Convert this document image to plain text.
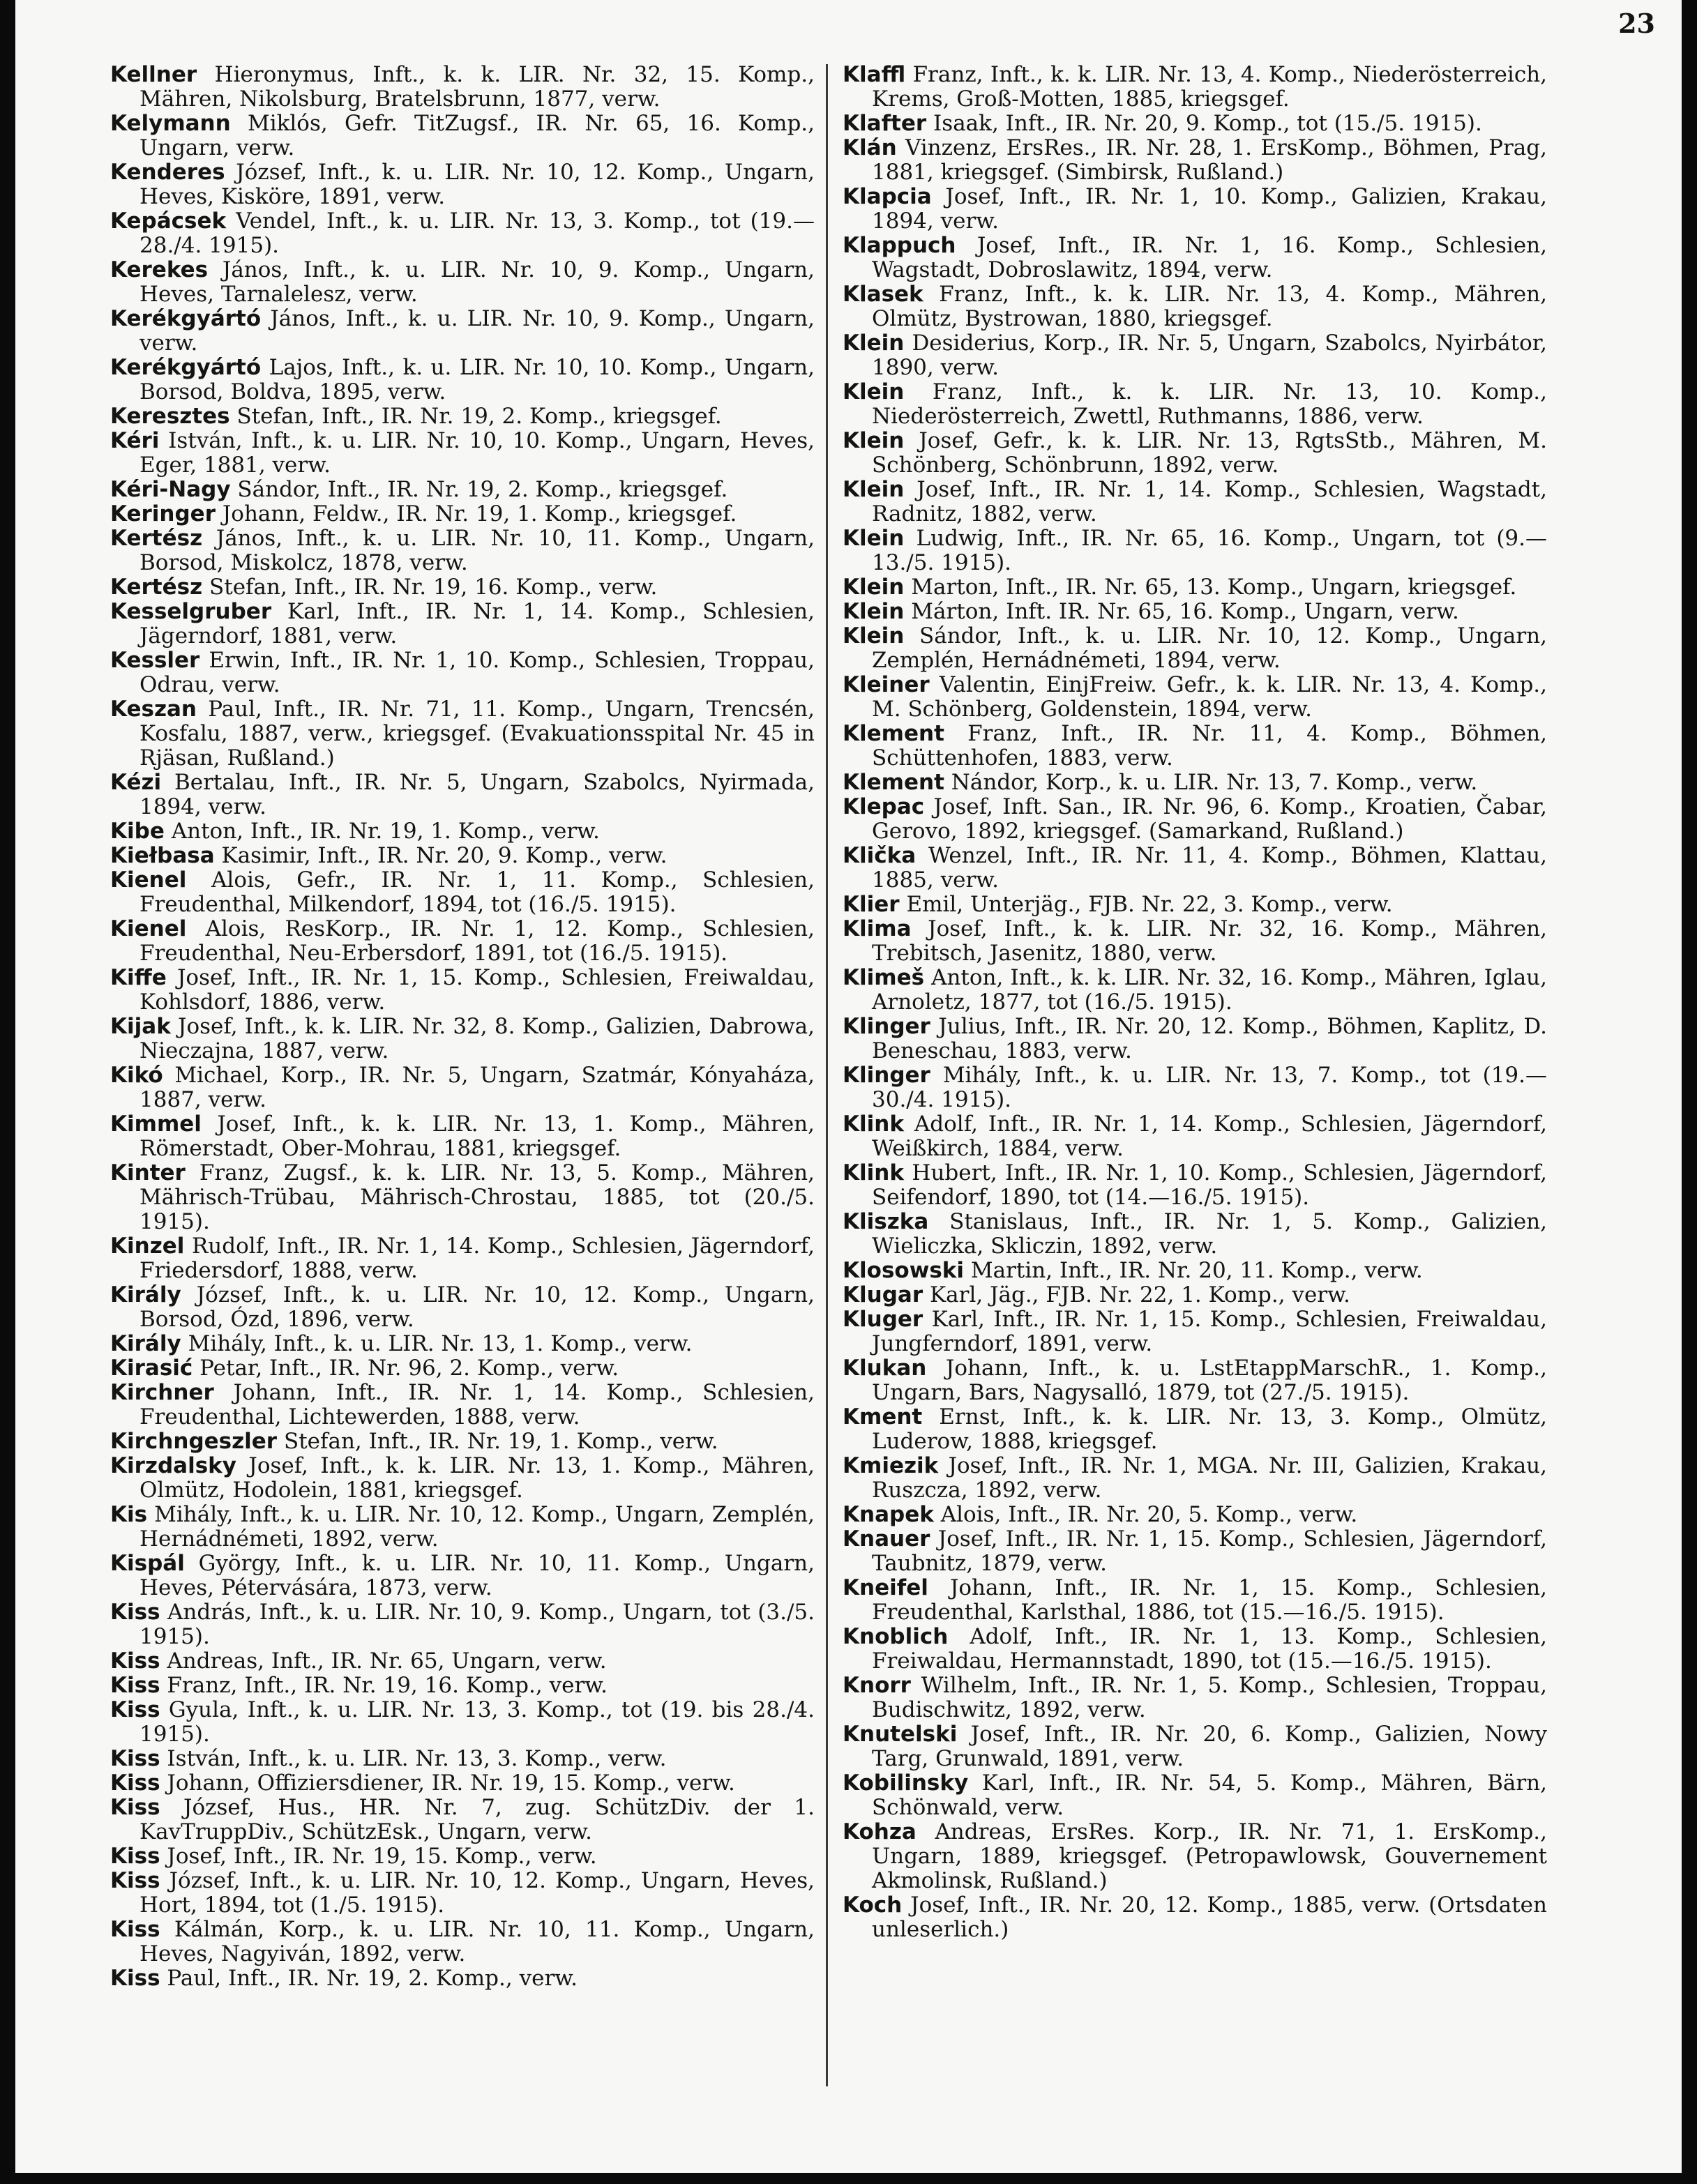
23

Kellner Hieronymus, Inft., k. k. LIR. Nr. 32, 15. Komp., Mähren, Nikolsburg, Bratelsbrunn, 1877, verw.

Kelymann Miklós, Gefr. TitZugsf., IR. Nr. 65, 16. Komp., Ungarn, verw.

Kenderes József, Inft., k. u. LIR. Nr. 10, 12. Komp., Ungarn, Heves, Kisköre, 1891, verw.

Kepácsek Vendel, Inft., k. u. LIR. Nr. 13, 3. Komp., tot (19.—28./4. 1915).

Kerekes János, Inft., k. u. LIR. Nr. 10, 9. Komp., Ungarn, Heves, Tarnalelesz, verw.

Kerékgyártó János, Inft., k. u. LIR. Nr. 10, 9. Komp., Ungarn, verw.

Kerékgyártó Lajos, Inft., k. u. LIR. Nr. 10, 10. Komp., Ungarn, Borsod, Boldva, 1895, verw.

Keresztes Stefan, Inft., IR. Nr. 19, 2. Komp., kriegsgef.

Kéri István, Inft., k. u. LIR. Nr. 10, 10. Komp., Ungarn, Heves, Eger, 1881, verw.

Kéri-Nagy Sándor, Inft., IR. Nr. 19, 2. Komp., kriegsgef.

Keringer Johann, Feldw., IR. Nr. 19, 1. Komp., kriegsgef.

Kertész János, Inft., k. u. LIR. Nr. 10, 11. Komp., Ungarn, Borsod, Miskolcz, 1878, verw.

Kertész Stefan, Inft., IR. Nr. 19, 16. Komp., verw.

Kesselgruber Karl, Inft., IR. Nr. 1, 14. Komp., Schlesien, Jägerndorf, 1881, verw.

Kessler Erwin, Inft., IR. Nr. 1, 10. Komp., Schlesien, Troppau, Odrau, verw.

Keszan Paul, Inft., IR. Nr. 71, 11. Komp., Ungarn, Trencsén, Kosfalu, 1887, verw., kriegsgef. (Evakuationsspital Nr. 45 in Rjäsan, Rußland.)

Kézi Bertalau, Inft., IR. Nr. 5, Ungarn, Szabolcs, Nyirmada, 1894, verw.

Kibe Anton, Inft., IR. Nr. 19, 1. Komp., verw.

Kiełbasa Kasimir, Inft., IR. Nr. 20, 9. Komp., verw.

Kienel Alois, Gefr., IR. Nr. 1, 11. Komp., Schlesien, Freudenthal, Milkendorf, 1894, tot (16./5. 1915).

Kienel Alois, ResKorp., IR. Nr. 1, 12. Komp., Schlesien, Freudenthal, Neu-Erbersdorf, 1891, tot (16./5. 1915).

Kiffe Josef, Inft., IR. Nr. 1, 15. Komp., Schlesien, Freiwaldau, Kohlsdorf, 1886, verw.

Kijak Josef, Inft., k. k. LIR. Nr. 32, 8. Komp., Galizien, Dabrowa, Nieczajna, 1887, verw.

Kikó Michael, Korp., IR. Nr. 5, Ungarn, Szatmár, Kónyaháza, 1887, verw.

Kimmel Josef, Inft., k. k. LIR. Nr. 13, 1. Komp., Mähren, Römerstadt, Ober-Mohrau, 1881, kriegsgef.

Kinter Franz, Zugsf., k. k. LIR. Nr. 13, 5. Komp., Mähren, Mährisch-Trübau, Mährisch-Chrostau, 1885, tot (20./5. 1915).

Kinzel Rudolf, Inft., IR. Nr. 1, 14. Komp., Schlesien, Jägerndorf, Friedersdorf, 1888, verw.

Király József, Inft., k. u. LIR. Nr. 10, 12. Komp., Ungarn, Borsod, Ózd, 1896, verw.

Király Mihály, Inft., k. u. LIR. Nr. 13, 1. Komp., verw.

Kirasić Petar, Inft., IR. Nr. 96, 2. Komp., verw.

Kirchner Johann, Inft., IR. Nr. 1, 14. Komp., Schlesien, Freudenthal, Lichtewerden, 1888, verw.

Kirchngeszler Stefan, Inft., IR. Nr. 19, 1. Komp., verw.

Kirzdalsky Josef, Inft., k. k. LIR. Nr. 13, 1. Komp., Mähren, Olmütz, Hodolein, 1881, kriegsgef.

Kis Mihály, Inft., k. u. LIR. Nr. 10, 12. Komp., Ungarn, Zemplén, Hernádnémeti, 1892, verw.

Kispál György, Inft., k. u. LIR. Nr. 10, 11. Komp., Ungarn, Heves, Pétervására, 1873, verw.

Kiss András, Inft., k. u. LIR. Nr. 10, 9. Komp., Ungarn, tot (3./5. 1915).

Kiss Andreas, Inft., IR. Nr. 65, Ungarn, verw.

Kiss Franz, Inft., IR. Nr. 19, 16. Komp., verw.

Kiss Gyula, Inft., k. u. LIR. Nr. 13, 3. Komp., tot (19. bis 28./4. 1915).

Kiss István, Inft., k. u. LIR. Nr. 13, 3. Komp., verw.

Kiss Johann, Offiziersdiener, IR. Nr. 19, 15. Komp., verw.

Kiss József, Hus., HR. Nr. 7, zug. SchützDiv. der 1. KavTruppDiv., SchützEsk., Ungarn, verw.

Kiss Josef, Inft., IR. Nr. 19, 15. Komp., verw.

Kiss József, Inft., k. u. LIR. Nr. 10, 12. Komp., Ungarn, Heves, Hort, 1894, tot (1./5. 1915).

Kiss Kálmán, Korp., k. u. LIR. Nr. 10, 11. Komp., Ungarn, Heves, Nagyiván, 1892, verw.

Kiss Paul, Inft., IR. Nr. 19, 2. Komp., verw.

Klaffl Franz, Inft., k. k. LIR. Nr. 13, 4. Komp., Niederösterreich, Krems, Groß-Motten, 1885, kriegsgef.

Klafter Isaak, Inft., IR. Nr. 20, 9. Komp., tot (15./5. 1915).

Klán Vinzenz, ErsRes., IR. Nr. 28, 1. ErsKomp., Böhmen, Prag, 1881, kriegsgef. (Simbirsk, Rußland.)

Klapcia Josef, Inft., IR. Nr. 1, 10. Komp., Galizien, Krakau, 1894, verw.

Klappuch Josef, Inft., IR. Nr. 1, 16. Komp., Schlesien, Wagstadt, Dobroslawitz, 1894, verw.

Klasek Franz, Inft., k. k. LIR. Nr. 13, 4. Komp., Mähren, Olmütz, Bystrowan, 1880, kriegsgef.

Klein Desiderius, Korp., IR. Nr. 5, Ungarn, Szabolcs, Nyirbátor, 1890, verw.

Klein Franz, Inft., k. k. LIR. Nr. 13, 10. Komp., Niederösterreich, Zwettl, Ruthmanns, 1886, verw.

Klein Josef, Gefr., k. k. LIR. Nr. 13, RgtsStb., Mähren, M. Schönberg, Schönbrunn, 1892, verw.

Klein Josef, Inft., IR. Nr. 1, 14. Komp., Schlesien, Wagstadt, Radnitz, 1882, verw.

Klein Ludwig, Inft., IR. Nr. 65, 16. Komp., Ungarn, tot (9.—13./5. 1915).

Klein Marton, Inft., IR. Nr. 65, 13. Komp., Ungarn, kriegsgef.

Klein Márton, Inft. IR. Nr. 65, 16. Komp., Ungarn, verw.

Klein Sándor, Inft., k. u. LIR. Nr. 10, 12. Komp., Ungarn, Zemplén, Hernádnémeti, 1894, verw.

Kleiner Valentin, EinjFreiw. Gefr., k. k. LIR. Nr. 13, 4. Komp., M. Schönberg, Goldenstein, 1894, verw.

Klement Franz, Inft., IR. Nr. 11, 4. Komp., Böhmen, Schüttenhofen, 1883, verw.

Klement Nándor, Korp., k. u. LIR. Nr. 13, 7. Komp., verw.

Klepac Josef, Inft. San., IR. Nr. 96, 6. Komp., Kroatien, Čabar, Gerovo, 1892, kriegsgef. (Samarkand, Rußland.)

Klička Wenzel, Inft., IR. Nr. 11, 4. Komp., Böhmen, Klattau, 1885, verw.

Klier Emil, Unterjäg., FJB. Nr. 22, 3. Komp., verw.

Klima Josef, Inft., k. k. LIR. Nr. 32, 16. Komp., Mähren, Trebitsch, Jasenitz, 1880, verw.

Klimeš Anton, Inft., k. k. LIR. Nr. 32, 16. Komp., Mähren, Iglau, Arnoletz, 1877, tot (16./5. 1915).

Klinger Julius, Inft., IR. Nr. 20, 12. Komp., Böhmen, Kaplitz, D. Beneschau, 1883, verw.

Klinger Mihály, Inft., k. u. LIR. Nr. 13, 7. Komp., tot (19.—30./4. 1915).

Klink Adolf, Inft., IR. Nr. 1, 14. Komp., Schlesien, Jägerndorf, Weißkirch, 1884, verw.

Klink Hubert, Inft., IR. Nr. 1, 10. Komp., Schlesien, Jägerndorf, Seifendorf, 1890, tot (14.—16./5. 1915).

Kliszka Stanislaus, Inft., IR. Nr. 1, 5. Komp., Galizien, Wieliczka, Skliczin, 1892, verw.

Klosowski Martin, Inft., IR. Nr. 20, 11. Komp., verw.

Klugar Karl, Jäg., FJB. Nr. 22, 1. Komp., verw.

Kluger Karl, Inft., IR. Nr. 1, 15. Komp., Schlesien, Freiwaldau, Jungferndorf, 1891, verw.

Klukan Johann, Inft., k. u. LstEtappMarschR., 1. Komp., Ungarn, Bars, Nagysalló, 1879, tot (27./5. 1915).

Kment Ernst, Inft., k. k. LIR. Nr. 13, 3. Komp., Olmütz, Luderow, 1888, kriegsgef.

Kmiezik Josef, Inft., IR. Nr. 1, MGA. Nr. III, Galizien, Krakau, Ruszcza, 1892, verw.

Knapek Alois, Inft., IR. Nr. 20, 5. Komp., verw.

Knauer Josef, Inft., IR. Nr. 1, 15. Komp., Schlesien, Jägerndorf, Taubnitz, 1879, verw.

Kneifel Johann, Inft., IR. Nr. 1, 15. Komp., Schlesien, Freudenthal, Karlsthal, 1886, tot (15.—16./5. 1915).

Knoblich Adolf, Inft., IR. Nr. 1, 13. Komp., Schlesien, Freiwaldau, Hermannstadt, 1890, tot (15.—16./5. 1915).

Knorr Wilhelm, Inft., IR. Nr. 1, 5. Komp., Schlesien, Troppau, Budischwitz, 1892, verw.

Knutelski Josef, Inft., IR. Nr. 20, 6. Komp., Galizien, Nowy Targ, Grunwald, 1891, verw.

Kobilinsky Karl, Inft., IR. Nr. 54, 5. Komp., Mähren, Bärn, Schönwald, verw.

Kohza Andreas, ErsRes. Korp., IR. Nr. 71, 1. ErsKomp., Ungarn, 1889, kriegsgef. (Petropawlowsk, Gouvernement Akmolinsk, Rußland.)

Koch Josef, Inft., IR. Nr. 20, 12. Komp., 1885, verw. (Ortsdaten unleserlich.)
